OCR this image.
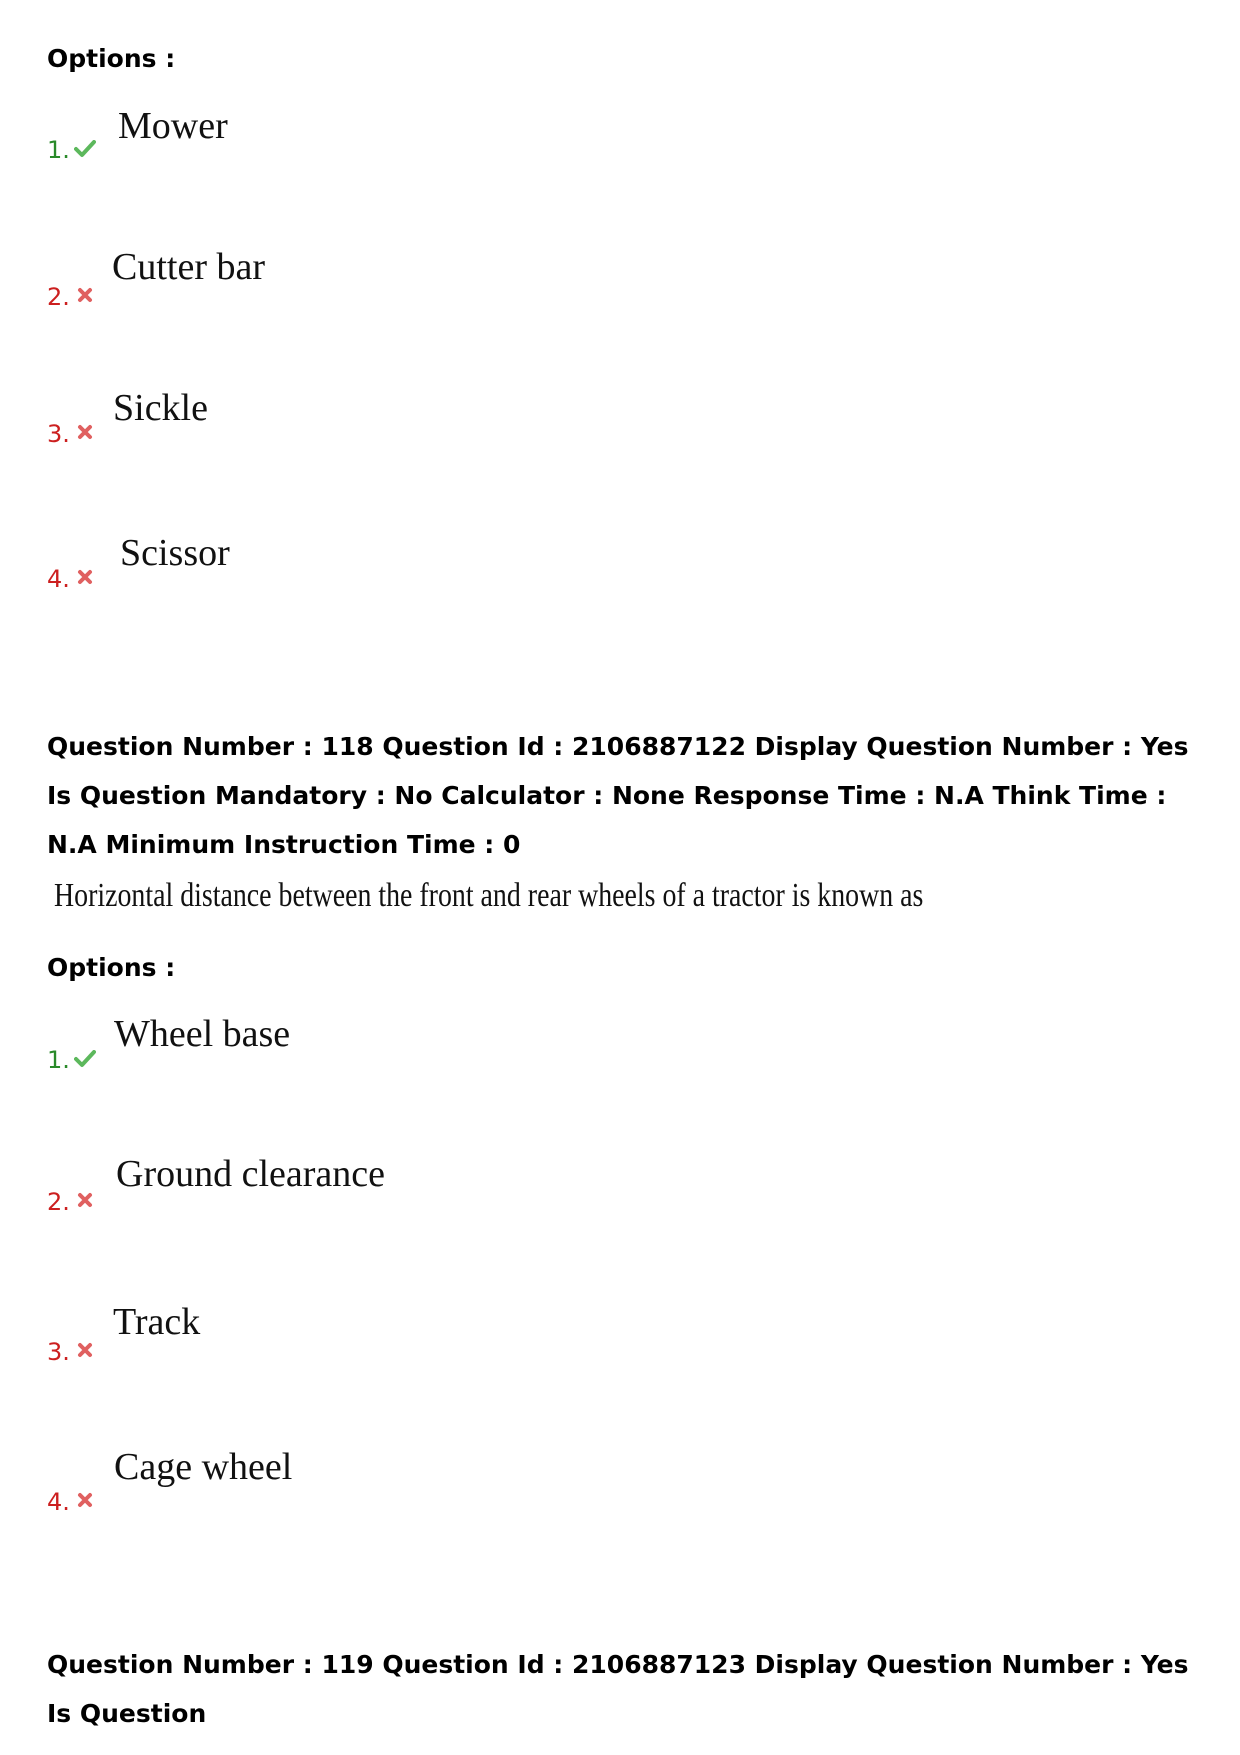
Options :
1.
Mower
2.
Cutter bar
3.
Sickle
4.
Scissor
Question Number : 118 Question Id : 2106887122 Display Question Number : Yes Is Question Mandatory : No Calculator : None Response Time : N.A Think Time : N.A Minimum Instruction Time : 0
Horizontal distance between the front and rear wheels of a tractor is known as
Options :
1.
Wheel base
2.
Ground clearance
3.
Track
4.
Cage wheel
Question Number : 119 Question Id : 2106887123 Display Question Number : Yes Is Question
